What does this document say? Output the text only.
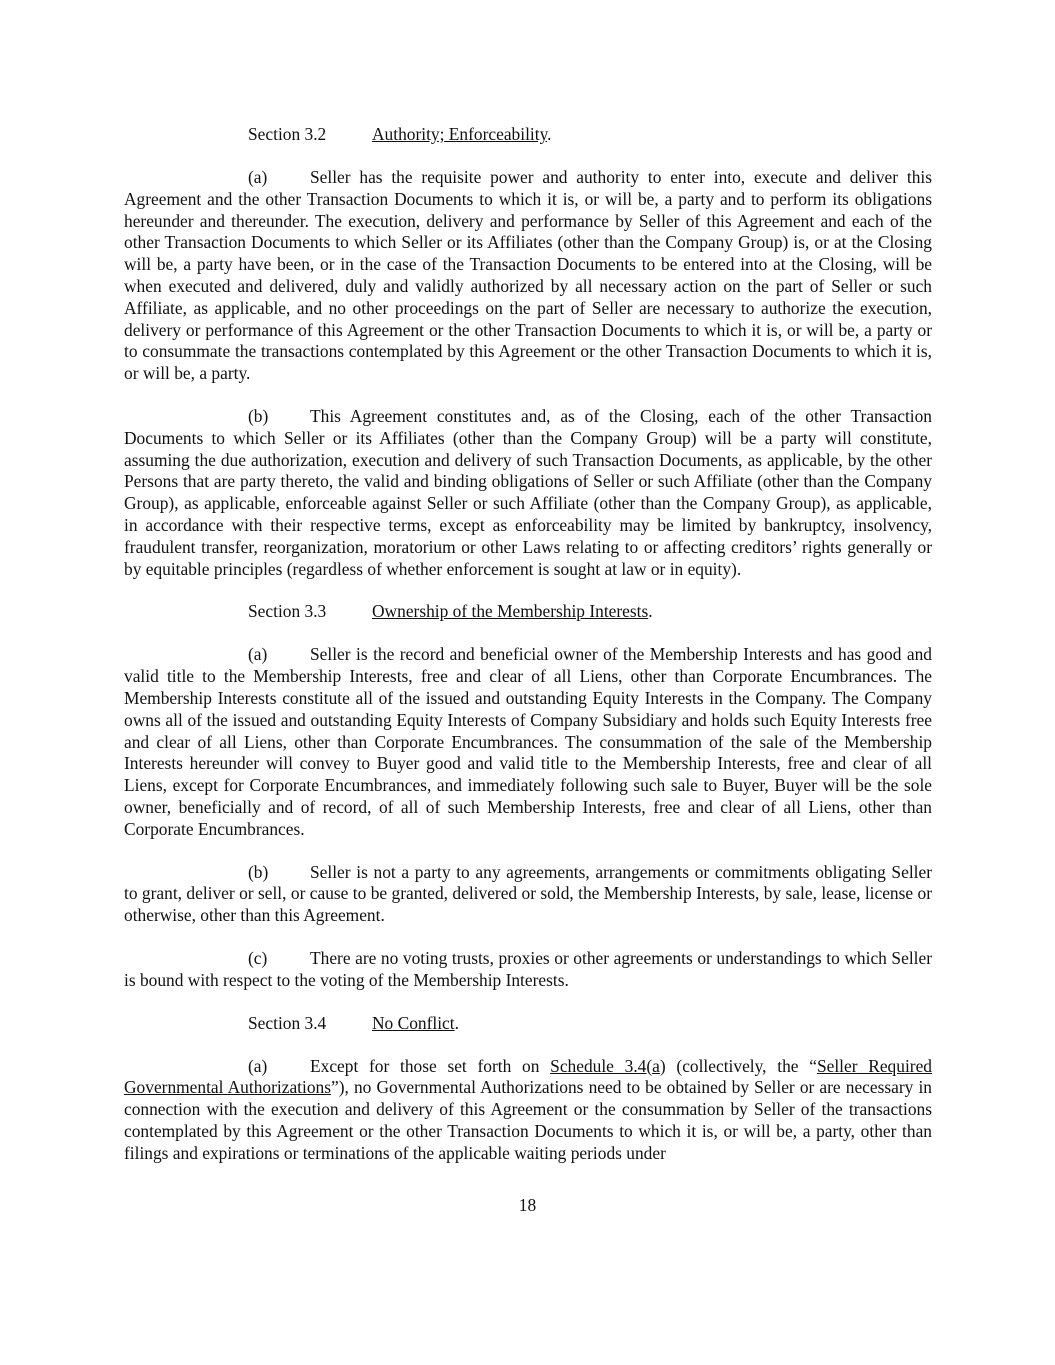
Section 3.2	Authority; Enforceability.

(a) Seller has the requisite power and authority to enter into, execute and deliver this Agreement and the other Transaction Documents to which it is, or will be, a party and to perform its obligations hereunder and thereunder. The execution, delivery and performance by Seller of this Agreement and each of the other Transaction Documents to which Seller or its Affiliates (other than the Company Group) is, or at the Closing will be, a party have been, or in the case of the Transaction Documents to be entered into at the Closing, will be when executed and delivered, duly and validly authorized by all necessary action on the part of Seller or such Affiliate, as applicable, and no other proceedings on the part of Seller are necessary to authorize the execution, delivery or performance of this Agreement or the other Transaction Documents to which it is, or will be, a party or to consummate the transactions contemplated by this Agreement or the other Transaction Documents to which it is, or will be, a party.

(b) This Agreement constitutes and, as of the Closing, each of the other Transaction Documents to which Seller or its Affiliates (other than the Company Group) will be a party will constitute, assuming the due authorization, execution and delivery of such Transaction Documents, as applicable, by the other Persons that are party thereto, the valid and binding obligations of Seller or such Affiliate (other than the Company Group), as applicable, enforceable against Seller or such Affiliate (other than the Company Group), as applicable, in accordance with their respective terms, except as enforceability may be limited by bankruptcy, insolvency, fraudulent transfer, reorganization, moratorium or other Laws relating to or affecting creditors’ rights generally or by equitable principles (regardless of whether enforcement is sought at law or in equity).

Section 3.3	Ownership of the Membership Interests.

(a) Seller is the record and beneficial owner of the Membership Interests and has good and valid title to the Membership Interests, free and clear of all Liens, other than Corporate Encumbrances. The Membership Interests constitute all of the issued and outstanding Equity Interests in the Company. The Company owns all of the issued and outstanding Equity Interests of Company Subsidiary and holds such Equity Interests free and clear of all Liens, other than Corporate Encumbrances. The consummation of the sale of the Membership Interests hereunder will convey to Buyer good and valid title to the Membership Interests, free and clear of all Liens, except for Corporate Encumbrances, and immediately following such sale to Buyer, Buyer will be the sole owner, beneficially and of record, of all of such Membership Interests, free and clear of all Liens, other than Corporate Encumbrances.

(b) Seller is not a party to any agreements, arrangements or commitments obligating Seller to grant, deliver or sell, or cause to be granted, delivered or sold, the Membership Interests, by sale, lease, license or otherwise, other than this Agreement.

(c) There are no voting trusts, proxies or other agreements or understandings to which Seller is bound with respect to the voting of the Membership Interests.

Section 3.4	No Conflict.

(a) Except for those set forth on Schedule 3.4(a) (collectively, the “Seller Required Governmental Authorizations”), no Governmental Authorizations need to be obtained by Seller or are necessary in connection with the execution and delivery of this Agreement or the consummation by Seller of the transactions contemplated by this Agreement or the other Transaction Documents to which it is, or will be, a party, other than filings and expirations or terminations of the applicable waiting periods under

18
